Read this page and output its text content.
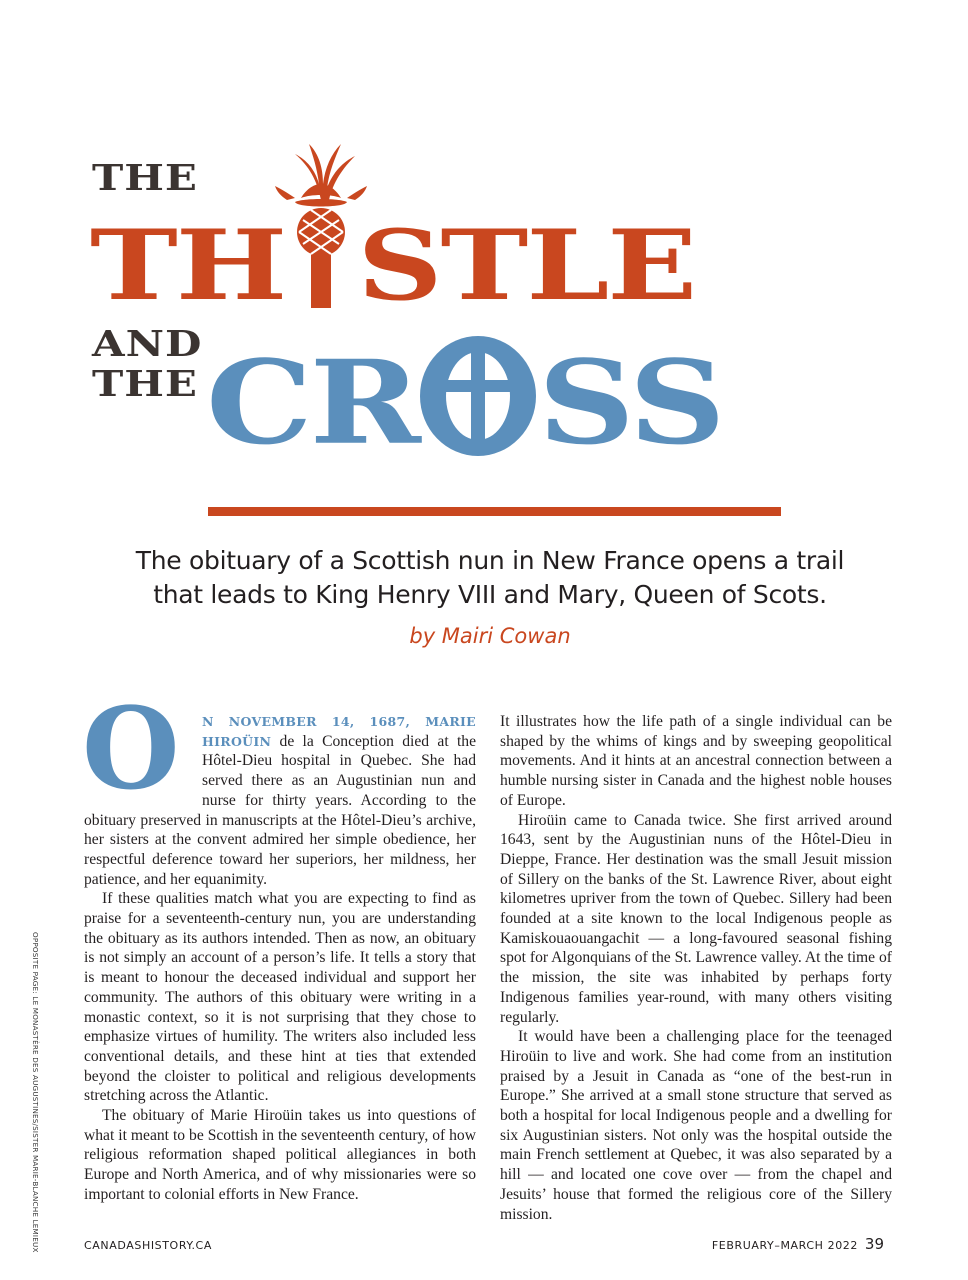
THE
TH STLE
AND
THE CR SS
The obituary of a Scottish nun in New France opens a trail
that leads to King Henry VIII and Mary, Queen of Scots.
by Mairi Cowan

O	N NOVEMBER 14, 1687, MARIE HIROÜIN de la Conception died at the Hôtel-Dieu hospital in Quebec. She had served there as an Augustinian nun and nurse for thirty years. According to the obituary preserved in manuscripts at the Hôtel-Dieu’s archive, her sisters at the convent admired her simple obedience, her respectful deference toward her superiors, her mildness, her patience, and her equanimity.

If these qualities match what you are expecting to find as praise for a seventeenth-century nun, you are understanding the obituary as its authors intended. Then as now, an obituary is not simply an account of a person’s life. It tells a story that is meant to honour the deceased individual and support her community. The authors of this obituary were writing in a monastic context, so it is not surprising that they chose to emphasize virtues of humility. The writers also included less conventional details, and these hint at ties that extended beyond the cloister to political and religious developments stretching across the Atlantic.

The obituary of Marie Hiroüin takes us into questions of what it meant to be Scottish in the seventeenth century, of how religious reformation shaped political allegiances in both Europe and North America, and of why missionaries were so important to colonial efforts in New France.

It illustrates how the life path of a single individual can be shaped by the whims of kings and by sweeping geopolitical movements. And it hints at an ancestral connection between a humble nursing sister in Canada and the highest noble houses of Europe.

Hiroüin came to Canada twice. She first arrived around 1643, sent by the Augustinian nuns of the Hôtel-Dieu in Dieppe, France. Her destination was the small Jesuit mission of Sillery on the banks of the St. Lawrence River, about eight kilometres upriver from the town of Quebec. Sillery had been founded at a site known to the local Indigenous people as Kamiskouaouangachit — a long-favoured seasonal fishing spot for Algonquians of the St. Lawrence valley. At the time of the mission, the site was inhabited by perhaps forty Indigenous families year-round, with many others visiting regularly.

It would have been a challenging place for the teenaged Hiroüin to live and work. She had come from an institution praised by a Jesuit in Canada as “one of the best-run in Europe.” She arrived at a small stone structure that served as both a hospital for local Indigenous people and a dwelling for six Augustinian sisters. Not only was the hospital outside the main French settlement at Quebec, it was also separated by a hill — and located one cove over — from the chapel and Jesuits’ house that formed the religious core of the Sillery mission.

OPPOSITE PAGE: LE MONASTÈRE DES AUGUSTINES/SISTER MARIE-BLANCHE LEMIEUX	CANADASHISTORY.CA	FEBRUARY–MARCH 2022 39
